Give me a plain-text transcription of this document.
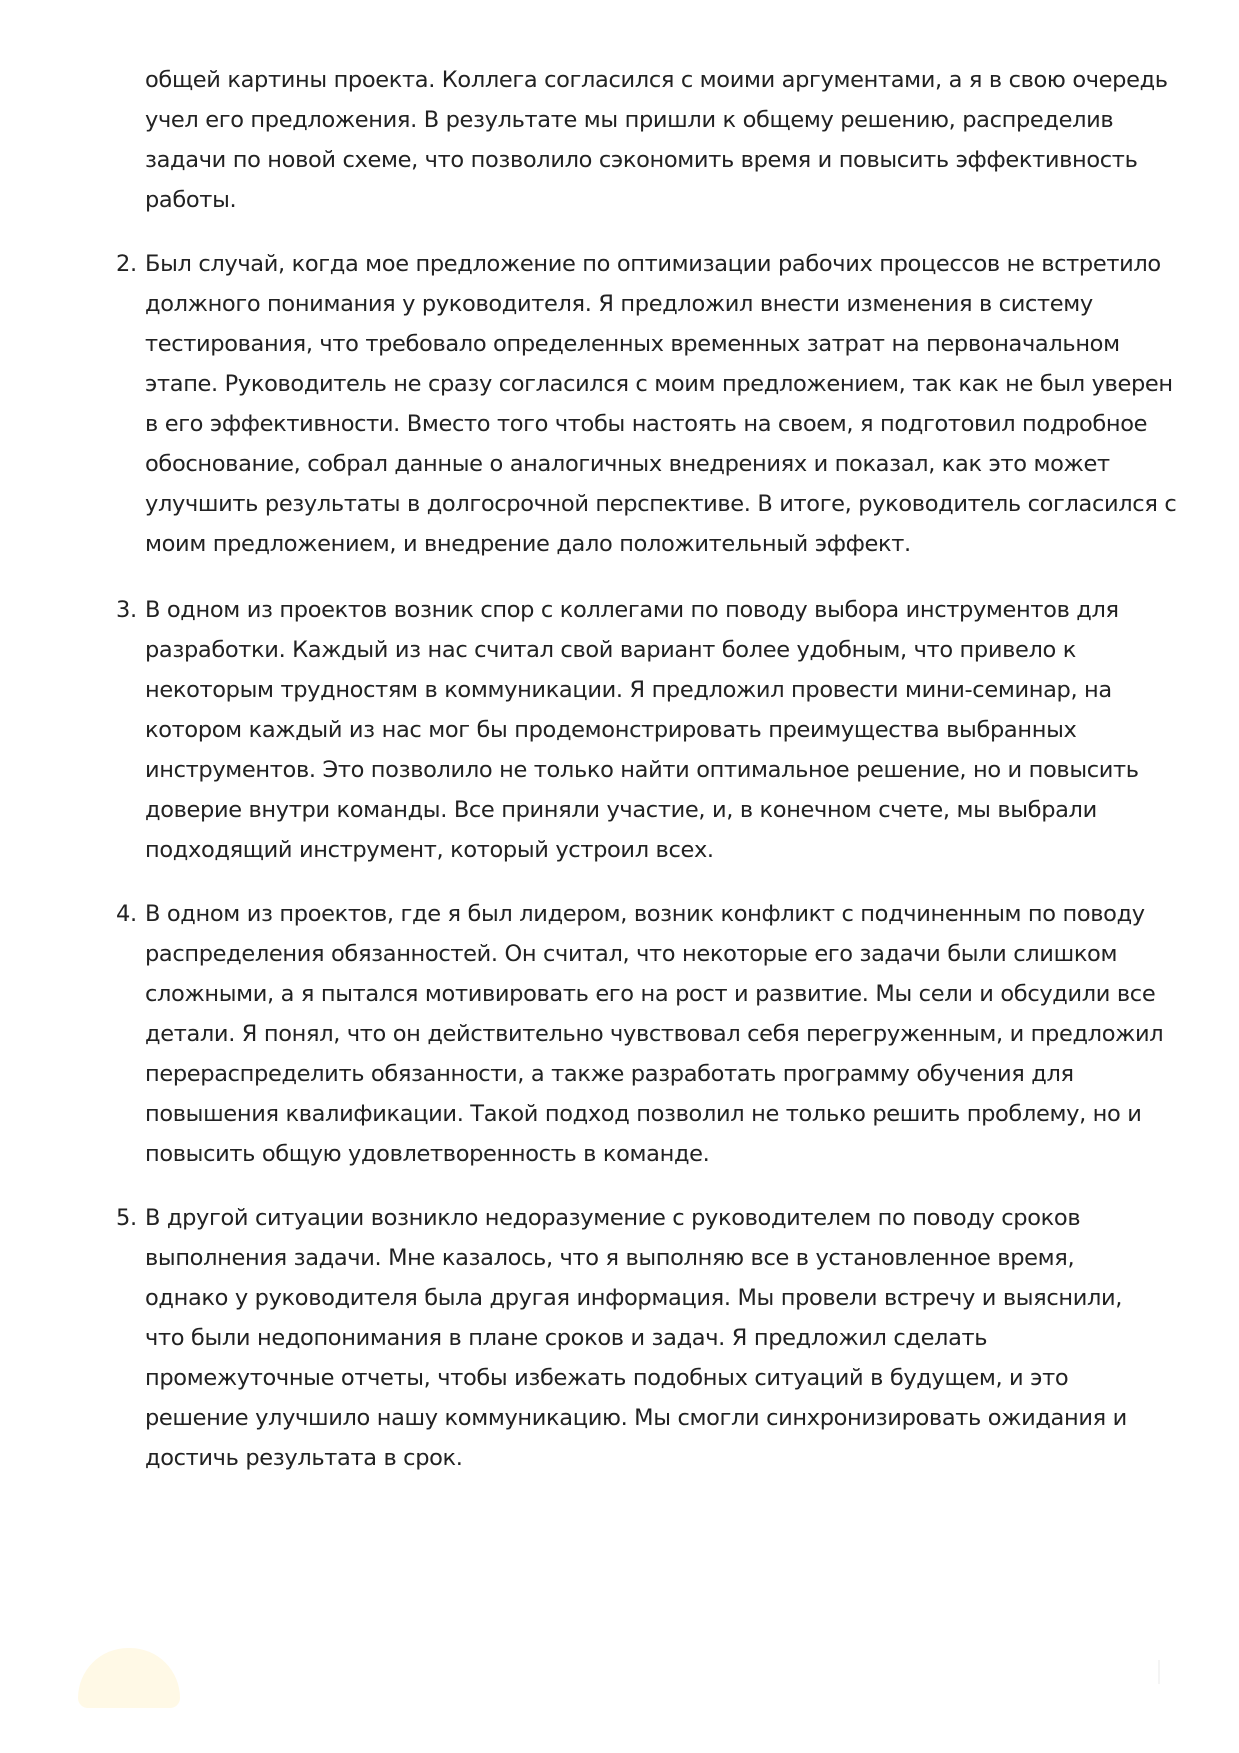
общей картины проекта. Коллега согласился с моими аргументами, а я в свою очередь
учел его предложения. В результате мы пришли к общему решению, распределив
задачи по новой схеме, что позволило сэкономить время и повысить эффективность
работы.
2. Был случай, когда мое предложение по оптимизации рабочих процессов не встретило
должного понимания у руководителя. Я предложил внести изменения в систему
тестирования, что требовало определенных временных затрат на первоначальном
этапе. Руководитель не сразу согласился с моим предложением, так как не был уверен
в его эффективности. Вместо того чтобы настоять на своем, я подготовил подробное
обоснование, собрал данные о аналогичных внедрениях и показал, как это может
улучшить результаты в долгосрочной перспективе. В итоге, руководитель согласился с
моим предложением, и внедрение дало положительный эффект.
3. В одном из проектов возник спор с коллегами по поводу выбора инструментов для
разработки. Каждый из нас считал свой вариант более удобным, что привело к
некоторым трудностям в коммуникации. Я предложил провести мини-семинар, на
котором каждый из нас мог бы продемонстрировать преимущества выбранных
инструментов. Это позволило не только найти оптимальное решение, но и повысить
доверие внутри команды. Все приняли участие, и, в конечном счете, мы выбрали
подходящий инструмент, который устроил всех.
4. В одном из проектов, где я был лидером, возник конфликт с подчиненным по поводу
распределения обязанностей. Он считал, что некоторые его задачи были слишком
сложными, а я пытался мотивировать его на рост и развитие. Мы сели и обсудили все
детали. Я понял, что он действительно чувствовал себя перегруженным, и предложил
перераспределить обязанности, а также разработать программу обучения для
повышения квалификации. Такой подход позволил не только решить проблему, но и
повысить общую удовлетворенность в команде.
5. В другой ситуации возникло недоразумение с руководителем по поводу сроков
выполнения задачи. Мне казалось, что я выполняю все в установленное время,
однако у руководителя была другая информация. Мы провели встречу и выяснили,
что были недопонимания в плане сроков и задач. Я предложил сделать
промежуточные отчеты, чтобы избежать подобных ситуаций в будущем, и это
решение улучшило нашу коммуникацию. Мы смогли синхронизировать ожидания и
достичь результата в срок.
